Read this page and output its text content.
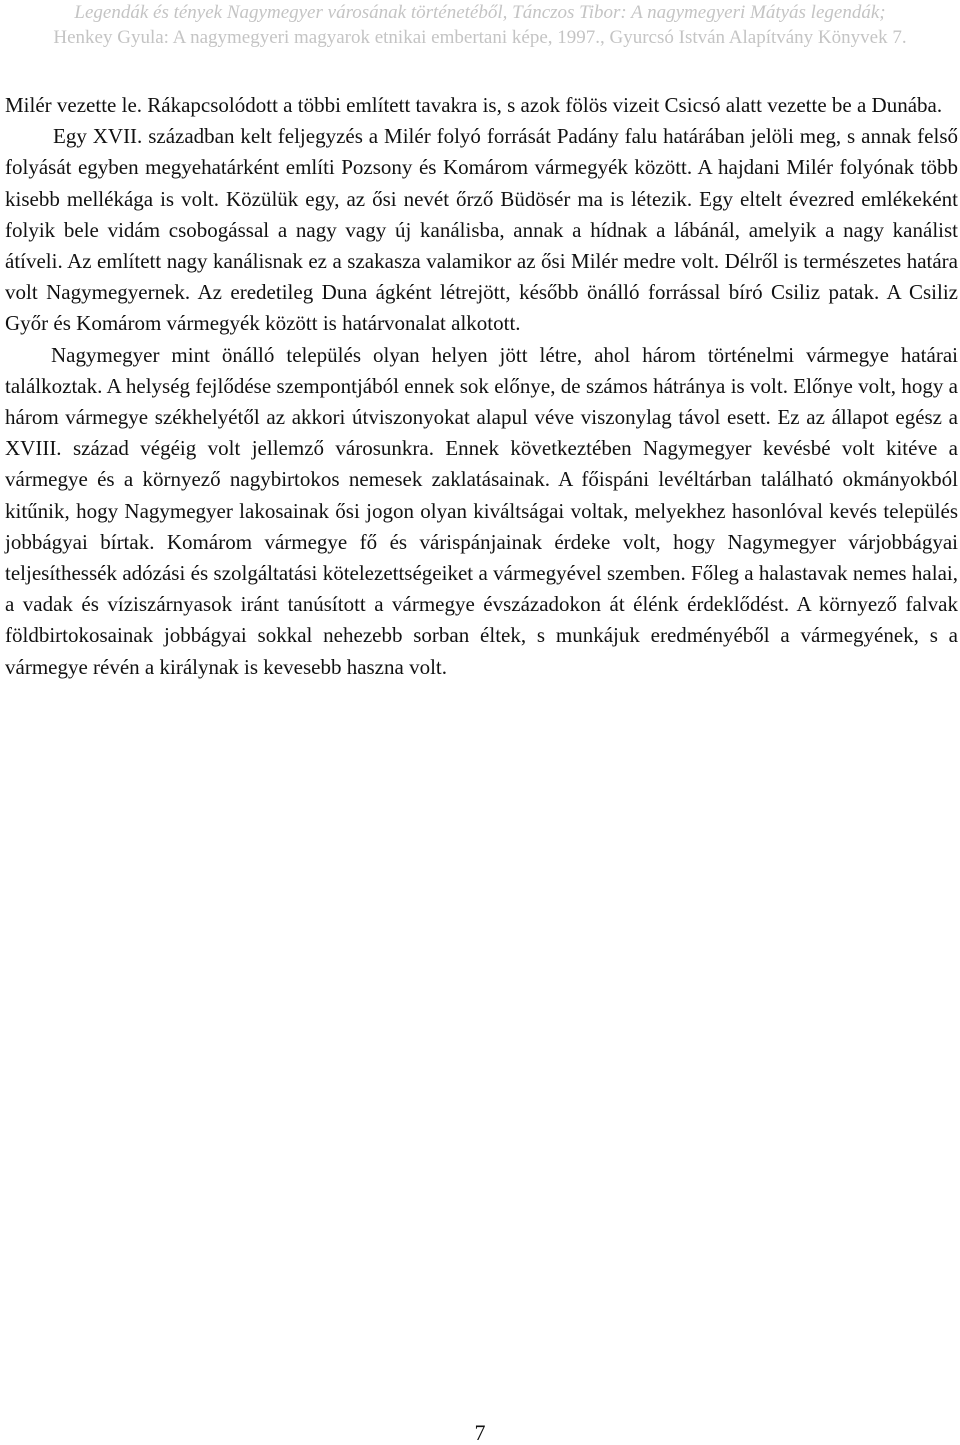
Legendák és tények Nagymegyer városának történetéből, Tánczos Tibor: A nagymegyeri Mátyás legendák;
Henkey Gyula: A nagymegyeri magyarok etnikai embertani képe, 1997., Gyurcsó István Alapítvány Könyvek 7.

Milér vezette le. Rákapcsolódott a többi említett tavakra is, s azok fölös vizeit Csicsó alatt vezette be a Dunába.

Egy XVII. században kelt feljegyzés a Milér folyó forrását Padány falu határában jelöli meg, s annak felső folyását egyben megyehatárként említi Pozsony és Komárom vármegyék között. A hajdani Milér folyónak több kisebb mellékága is volt. Közülük egy, az ősi nevét őrző Büdösér ma is létezik. Egy eltelt évezred emlékeként folyik bele vidám csobogással a nagy vagy új kanálisba, annak a hídnak a lábánál, amelyik a nagy kanálist átíveli. Az említett nagy kanálisnak ez a szakasza valamikor az ősi Milér medre volt. Délről is természetes határa volt Nagymegyernek. Az eredetileg Duna ágként létrejött, később önálló forrással bíró Csiliz patak. A Csiliz Győr és Komárom vármegyék között is határvonalat alkotott.

Nagymegyer mint önálló település olyan helyen jött létre, ahol három történelmi vármegye határai találkoztak. A helység fejlődése szempontjából ennek sok előnye, de számos hátránya is volt. Előnye volt, hogy a három vármegye székhelyétől az akkori útviszonyokat alapul véve viszonylag távol esett. Ez az állapot egész a XVIII. század végéig volt jellemző városunkra. Ennek következtében Nagymegyer kevésbé volt kitéve a vármegye és a környező nagybirtokos nemesek zaklatásainak. A főispáni levéltárban található okmányokból kitűnik, hogy Nagymegyer lakosainak ősi jogon olyan kiváltságai voltak, melyekhez hasonlóval kevés település jobbágyai bírtak. Komárom vármegye fő és várispánjainak érdeke volt, hogy Nagymegyer várjobbágyai teljesíthessék adózási és szolgáltatási kötelezettségeiket a vármegyével szemben. Főleg a halastavak nemes halai, a vadak és víziszárnyasok iránt tanúsított a vármegye évszázadokon át élénk érdeklődést. A környező falvak földbirtokosainak jobbágyai sokkal nehezebb sorban éltek, s munkájuk eredményéből a vármegyének, s a vármegye révén a királynak is kevesebb haszna volt.

7
